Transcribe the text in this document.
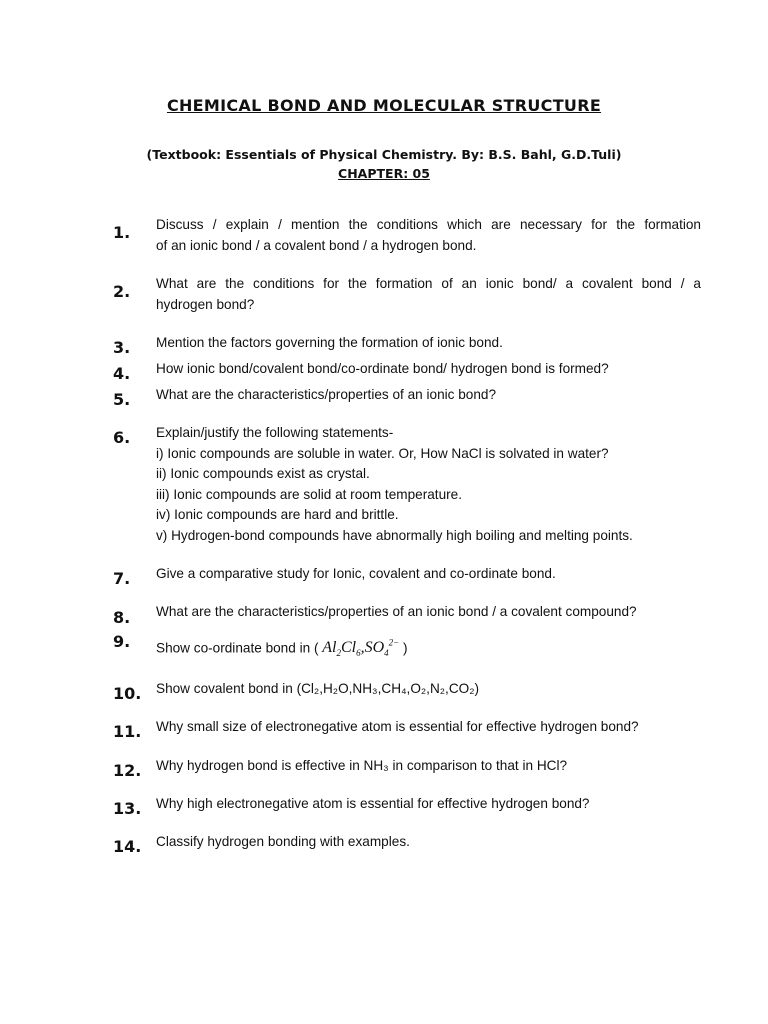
CHEMICAL BOND AND MOLECULAR STRUCTURE
(Textbook: Essentials of Physical Chemistry. By: B.S. Bahl, G.D.Tuli)
CHAPTER: 05
1. Discuss / explain / mention the conditions which are necessary for the formation
of an ionic bond / a covalent bond / a hydrogen bond.
2. What are the conditions for the formation of an ionic bond/ a covalent bond / a
hydrogen bond?
3. Mention the factors governing the formation of ionic bond.
4. How ionic bond/covalent bond/co-ordinate bond/ hydrogen bond is formed?
5. What are the characteristics/properties of an ionic bond?
6. Explain/justify the following statements-
i) Ionic compounds are soluble in water. Or, How NaCl is solvated in water?
ii) Ionic compounds exist as crystal.
iii) Ionic compounds are solid at room temperature.
iv) Ionic compounds are hard and brittle.
v) Hydrogen-bond compounds have abnormally high boiling and melting points.
7. Give a comparative study for Ionic, covalent and co-ordinate bond.
8. What are the characteristics/properties of an ionic bond / a covalent compound?
9. Show co-ordinate bond in ( $Al_2Cl_6,SO_4^{2-}$ )
10. Show covalent bond in (Cl₂,H₂O,NH₃,CH₄,O₂,N₂,CO₂)
11. Why small size of electronegative atom is essential for effective hydrogen bond?
12. Why hydrogen bond is effective in NH₃ in comparison to that in HCl?
13. Why high electronegative atom is essential for effective hydrogen bond?
14. Classify hydrogen bonding with examples.
